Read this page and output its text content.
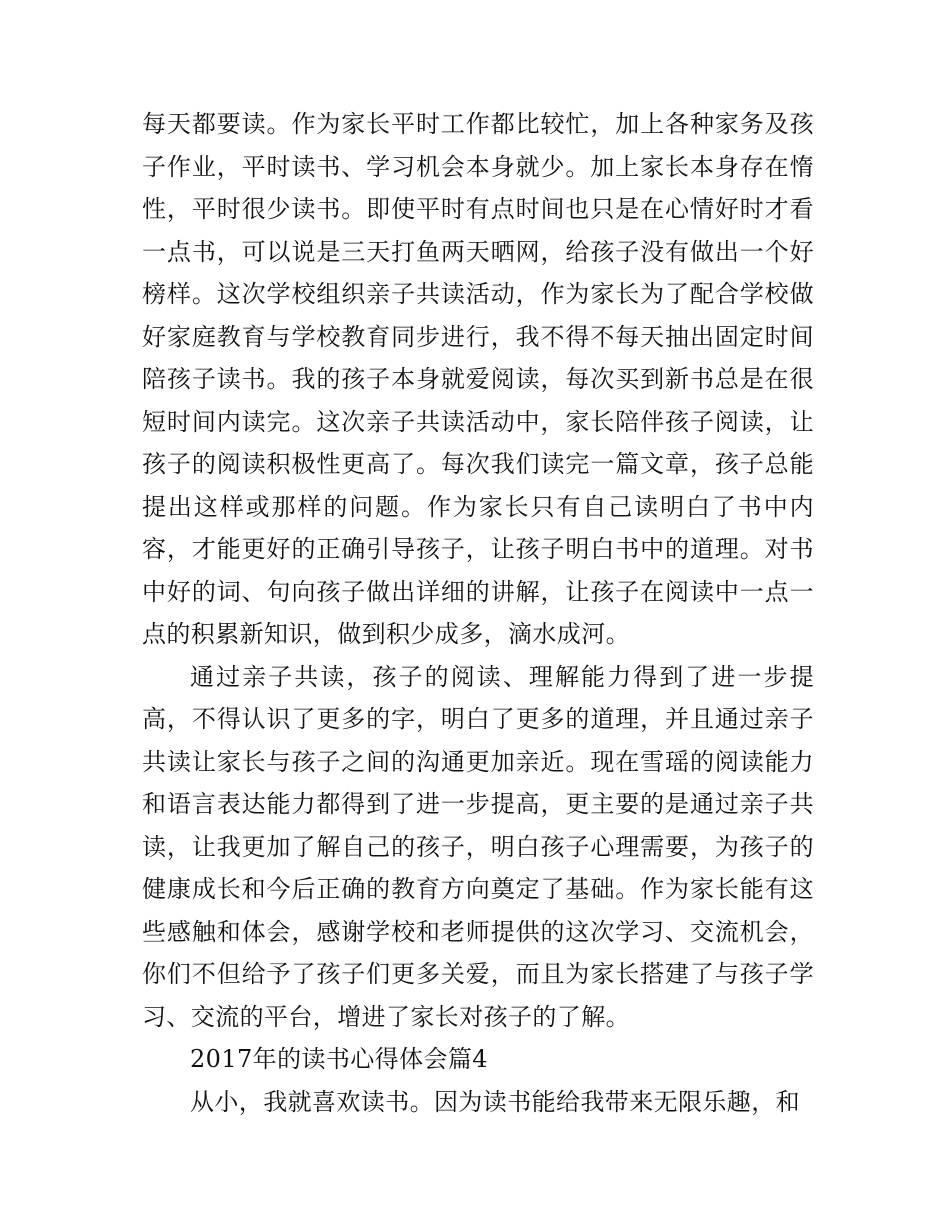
每天都要读。作为家长平时工作都比较忙，加上各种家务及孩子作业，平时读书、学习机会本身就少。加上家长本身存在惰性，平时很少读书。即使平时有点时间也只是在心情好时才看一点书，可以说是三天打鱼两天晒网，给孩子没有做出一个好榜样。这次学校组织亲子共读活动，作为家长为了配合学校做好家庭教育与学校教育同步进行，我不得不每天抽出固定时间陪孩子读书。我的孩子本身就爱阅读，每次买到新书总是在很短时间内读完。这次亲子共读活动中，家长陪伴孩子阅读，让孩子的阅读积极性更高了。每次我们读完一篇文章，孩子总能提出这样或那样的问题。作为家长只有自己读明白了书中内容，才能更好的正确引导孩子，让孩子明白书中的道理。对书中好的词、句向孩子做出详细的讲解，让孩子在阅读中一点一点的积累新知识，做到积少成多，滴水成河。

通过亲子共读，孩子的阅读、理解能力得到了进一步提高，不得认识了更多的字，明白了更多的道理，并且通过亲子共读让家长与孩子之间的沟通更加亲近。现在雪瑶的阅读能力和语言表达能力都得到了进一步提高，更主要的是通过亲子共读，让我更加了解自己的孩子，明白孩子心理需要，为孩子的健康成长和今后正确的教育方向奠定了基础。作为家长能有这些感触和体会，感谢学校和老师提供的这次学习、交流机会，你们不但给予了孩子们更多关爱，而且为家长搭建了与孩子学习、交流的平台，增进了家长对孩子的了解。

2017年的读书心得体会篇4

从小，我就喜欢读书。因为读书能给我带来无限乐趣，和
